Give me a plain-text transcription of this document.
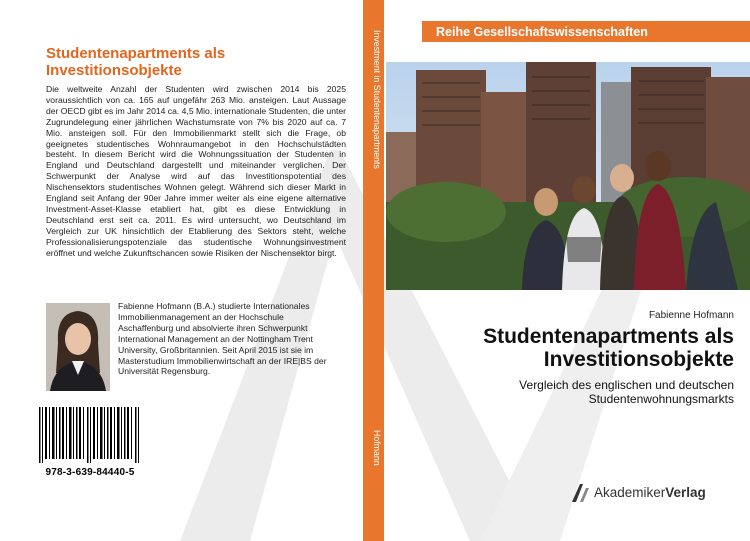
Studentenapartments als Investitionsobjekte

Die weltweite Anzahl der Studenten wird zwischen 2014 bis 2025 voraussichtlich von ca. 165 auf ungefähr 263 Mio. ansteigen. Laut Aussage der OECD gibt es im Jahr 2014 ca. 4,5 Mio. internationale Studenten, die unter Zugrundelegung einer jährlichen Wachstumsrate von 7% bis 2020 auf ca. 7 Mio. ansteigen soll. Für den Immobilienmarkt stellt sich die Frage, ob geeignetes studentisches Wohnraumangebot in den Hochschulstädten besteht. In diesem Bericht wird die Wohnungssituation der Studenten in England und Deutschland dargestellt und miteinander verglichen. Der Schwerpunkt der Analyse wird auf das Investitionspotential des Nischensektors studentisches Wohnen gelegt. Während sich dieser Markt in England seit Anfang der 90er Jahre immer weiter als eine eigene alternative Investment-Asset-Klasse etabliert hat, gibt es diese Entwicklung in Deutschland erst seit ca. 2011. Es wird untersucht, wo Deutschland im Vergleich zur UK hinsichtlich der Etablierung des Sektors steht, welche Professionalisierungspotenziale das studentische Wohnungsinvestment eröffnet und welche Zukunftschancen sowie Risiken der Nischensektor birgt.

Fabienne Hofmann (B.A.) studierte Internationales Immobilienmanagement an der Hochschule Aschaffenburg und absolvierte ihren Schwerpunkt International Management an der Nottingham Trent University, Großbritannien. Seit April 2015 ist sie im Masterstudium Immobilienwirtschaft an der IRE|BS der Universität Regensburg.

978-3-639-84440-5
Investment in Studentenapartments
Hofmann
Reihe Gesellschaftswissenschaften
Fabienne Hofmann
Studentenapartments als Investitionsobjekte
Vergleich des englischen und deutschen Studentenwohnungsmarkts
AkademikerVerlag
